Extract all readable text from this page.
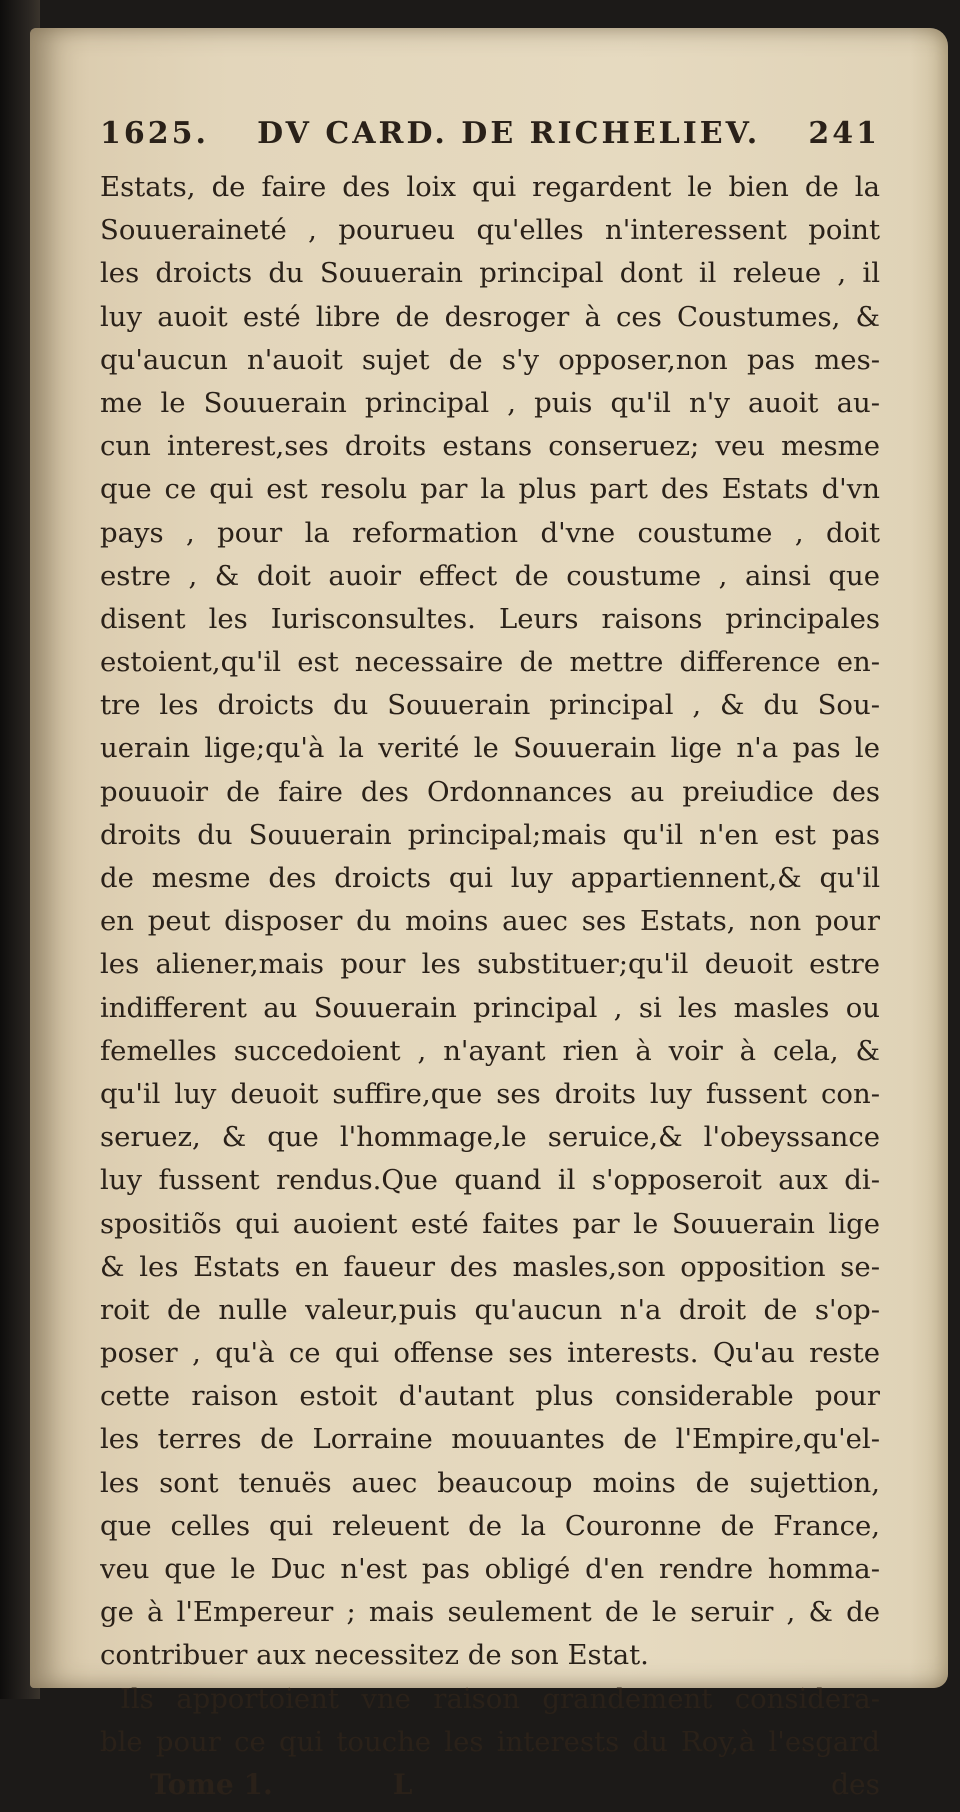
1625. DV CARD. DE RICHELIEV. 241
Estats, de faire des loix qui regardent le bien de la
Souueraineté , pourueu qu'elles n'interessent point
les droicts du Souuerain principal dont il releue , il
luy auoit esté libre de desroger à ces Coustumes, &
qu'aucun n'auoit sujet de s'y opposer,non pas mes-
me le Souuerain principal , puis qu'il n'y auoit au-
cun interest,ses droits estans conseruez; veu mesme
que ce qui est resolu par la plus part des Estats d'vn
pays , pour la reformation d'vne coustume , doit
estre , & doit auoir effect de coustume , ainsi que
disent les Iurisconsultes. Leurs raisons principales
estoient,qu'il est necessaire de mettre difference en-
tre les droicts du Souuerain principal , & du Sou-
uerain lige;qu'à la verité le Souuerain lige n'a pas le
pouuoir de faire des Ordonnances au preiudice des
droits du Souuerain principal;mais qu'il n'en est pas
de mesme des droicts qui luy appartiennent,& qu'il
en peut disposer du moins auec ses Estats, non pour
les aliener,mais pour les substituer;qu'il deuoit estre
indifferent au Souuerain principal , si les masles ou
femelles succedoient , n'ayant rien à voir à cela, &
qu'il luy deuoit suffire,que ses droits luy fussent con-
seruez, & que l'hommage,le seruice,& l'obeyssance
luy fussent rendus.Que quand il s'opposeroit aux di-
spositiõs qui auoient esté faites par le Souuerain lige
& les Estats en faueur des masles,son opposition se-
roit de nulle valeur,puis qu'aucun n'a droit de s'op-
poser , qu'à ce qui offense ses interests. Qu'au reste
cette raison estoit d'autant plus considerable pour
les terres de Lorraine mouuantes de l'Empire,qu'el-
les sont tenuës auec beaucoup moins de sujettion,
que celles qui releuent de la Couronne de France,
veu que le Duc n'est pas obligé d'en rendre homma-
ge à l'Empereur ; mais seulement de le seruir , & de
contribuer aux necessitez de son Estat.
Ils apportoient vne raison grandement considera-
ble pour ce qui touche les interests du Roy,à l'esgard
Tome 1.	L	des
